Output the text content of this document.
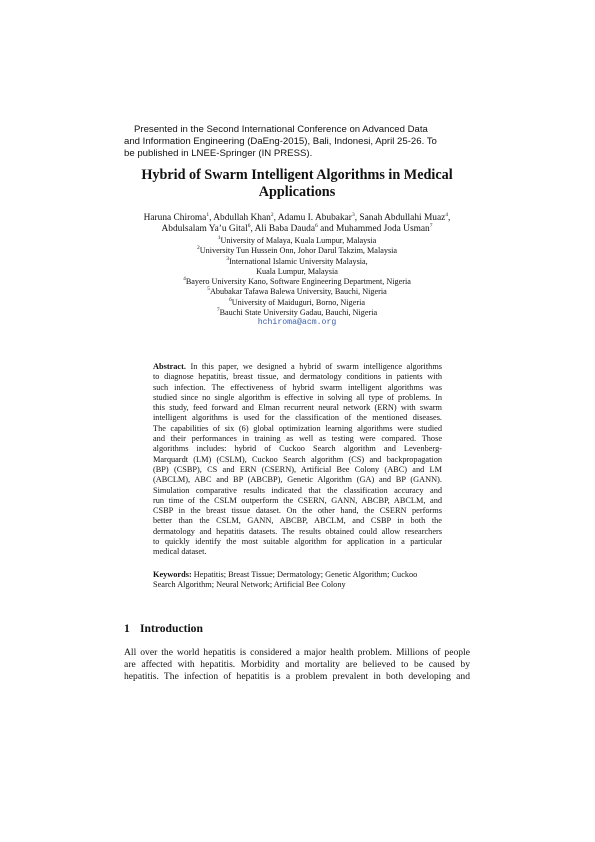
Presented in the Second International Conference on Advanced Data
and Information Engineering (DaEng-2015), Bali, Indonesi, April 25-26. To
be published in LNEE-Springer (IN PRESS).
Hybrid of Swarm Intelligent Algorithms in Medical
Applications
Haruna Chiroma$^1$, Abdullah Khan$^2$, Adamu I. Abubakar$^3$, Sanah Abdullahi Muaz$^4$,
Abdulsalam Ya’u Gital$^6$, Ali Baba Dauda$^6$ and Muhammed Joda Usman$^7$
$^1$University of Malaya, Kuala Lumpur, Malaysia
$^2$University Tun Hussein Onn, Johor Darul Takzim, Malaysia
$^3$International Islamic University Malaysia,
Kuala Lumpur, Malaysia
$^4$Bayero University Kano, Software Engineering Department, Nigeria
$^5$Abubakar Tafawa Balewa University, Bauchi, Nigeria
$^6$University of Maiduguri, Borno, Nigeria
$^7$Bauchi State University Gadau, Bauchi, Nigeria
hchiroma@acm.org
Abstract. In this paper, we designed a hybrid of swarm intelligence algorithms
to diagnose hepatitis, breast tissue, and dermatology conditions in patients with
such infection. The effectiveness of hybrid swarm intelligent algorithms was
studied since no single algorithm is effective in solving all type of problems. In
this study, feed forward and Elman recurrent neural network (ERN) with swarm
intelligent algorithms is used for the classification of the mentioned diseases.
The capabilities of six (6) global optimization learning algorithms were studied
and their performances in training as well as testing were compared. Those
algorithms includes: hybrid of Cuckoo Search algorithm and Levenberg-
Marquardt (LM) (CSLM), Cuckoo Search algorithm (CS) and backpropagation
(BP) (CSBP), CS and ERN (CSERN), Artificial Bee Colony (ABC) and LM
(ABCLM), ABC and BP (ABCBP), Genetic Algorithm (GA) and BP (GANN).
Simulation comparative results indicated that the classification accuracy and
run time of the CSLM outperform the CSERN, GANN, ABCBP, ABCLM, and
CSBP in the breast tissue dataset. On the other hand, the CSERN performs
better than the CSLM, GANN, ABCBP, ABCLM, and CSBP in both the
dermatology and hepatitis datasets. The results obtained could allow researchers
to quickly identify the most suitable algorithm for application in a particular
medical dataset.
Keywords: Hepatitis; Breast Tissue; Dermatology; Genetic Algorithm; Cuckoo
Search Algorithm; Neural Network; Artificial Bee Colony
1 Introduction
All over the world hepatitis is considered a major health problem. Millions of people
are affected with hepatitis. Morbidity and mortality are believed to be caused by
hepatitis. The infection of hepatitis is a problem prevalent in both developing and
